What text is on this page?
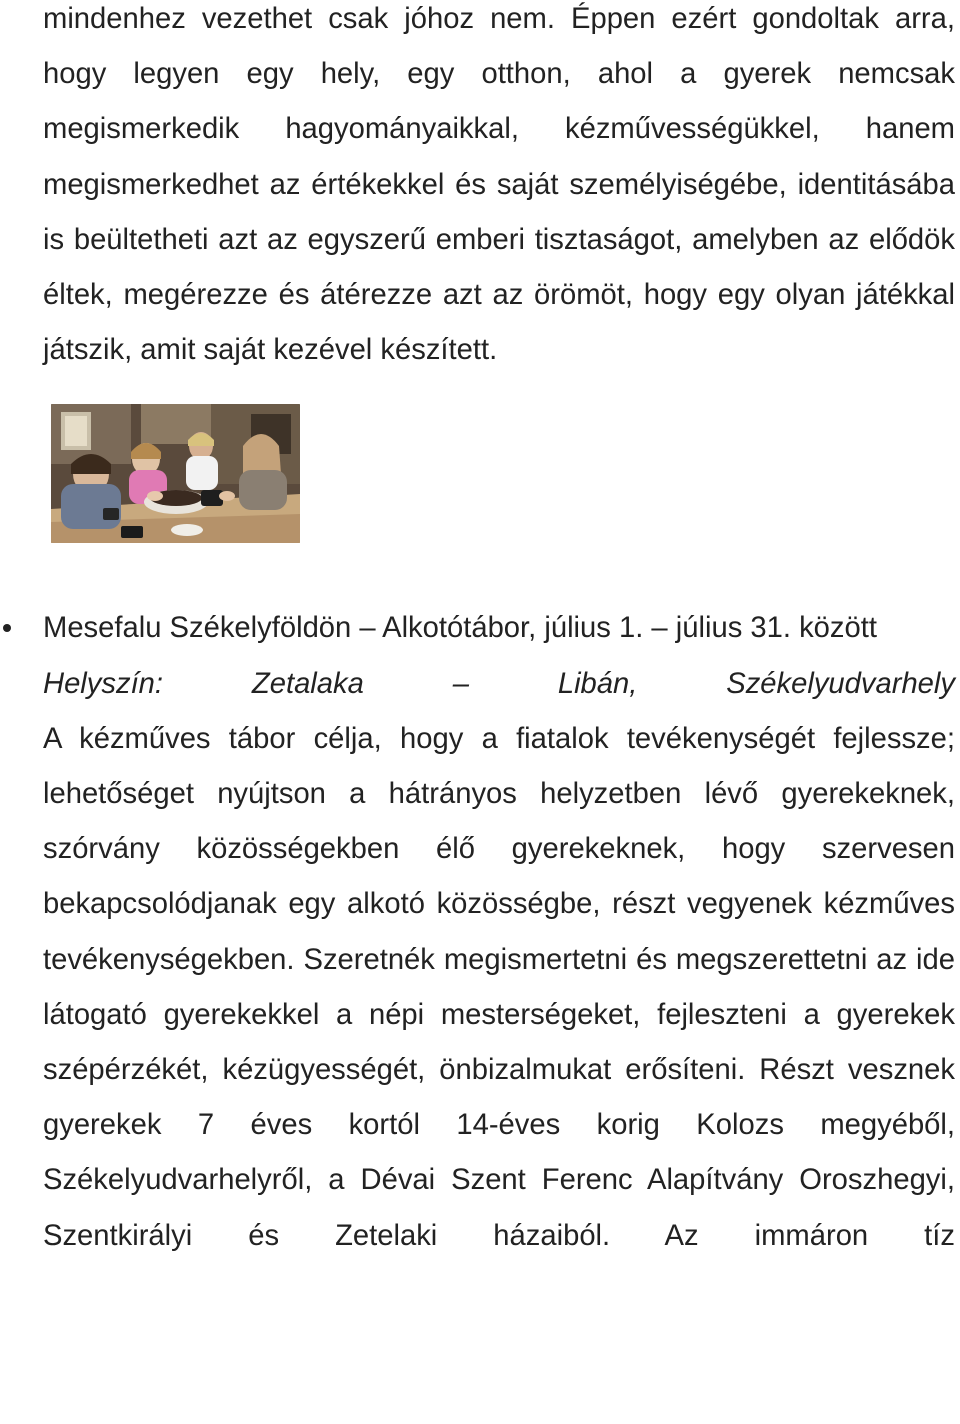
mindenhez vezethet csak jóhoz nem. Éppen ezért gondoltak arra, hogy legyen egy hely, egy otthon, ahol a gyerek nemcsak megismerkedik hagyományaikkal, kézművességükkel, hanem megismerkedhet az értékekkel és saját személyiségébe, identitásába is beültetheti azt az egyszerű emberi tisztaságot, amelyben az elődök éltek, megérezze és átérezze azt az örömöt, hogy egy olyan játékkal játszik, amit saját kezével készített.

Mesefalu Székelyföldön – Alkotótábor, július 1. – július 31. között

Helyszín: Zetalaka – Libán, Székelyudvarhely

A kézműves tábor célja, hogy a fiatalok tevékenységét fejlessze; lehetőséget nyújtson a hátrányos helyzetben lévő gyerekeknek, szórvány közösségekben élő gyerekeknek, hogy szervesen bekapcsolódjanak egy alkotó közösségbe, részt vegyenek kézműves tevékenységekben. Szeretnék megismertetni és megszerettetni az ide látogató gyerekekkel a népi mesterségeket, fejleszteni a gyerekek szépérzékét, kézügyességét, önbizalmukat erősíteni. Részt vesznek gyerekek 7 éves kortól 14-éves korig Kolozs megyéből, Székelyudvarhelyről, a Dévai Szent Ferenc Alapítvány Oroszhegyi, Szentkirályi és Zetelaki házaiból. Az immáron tíz
